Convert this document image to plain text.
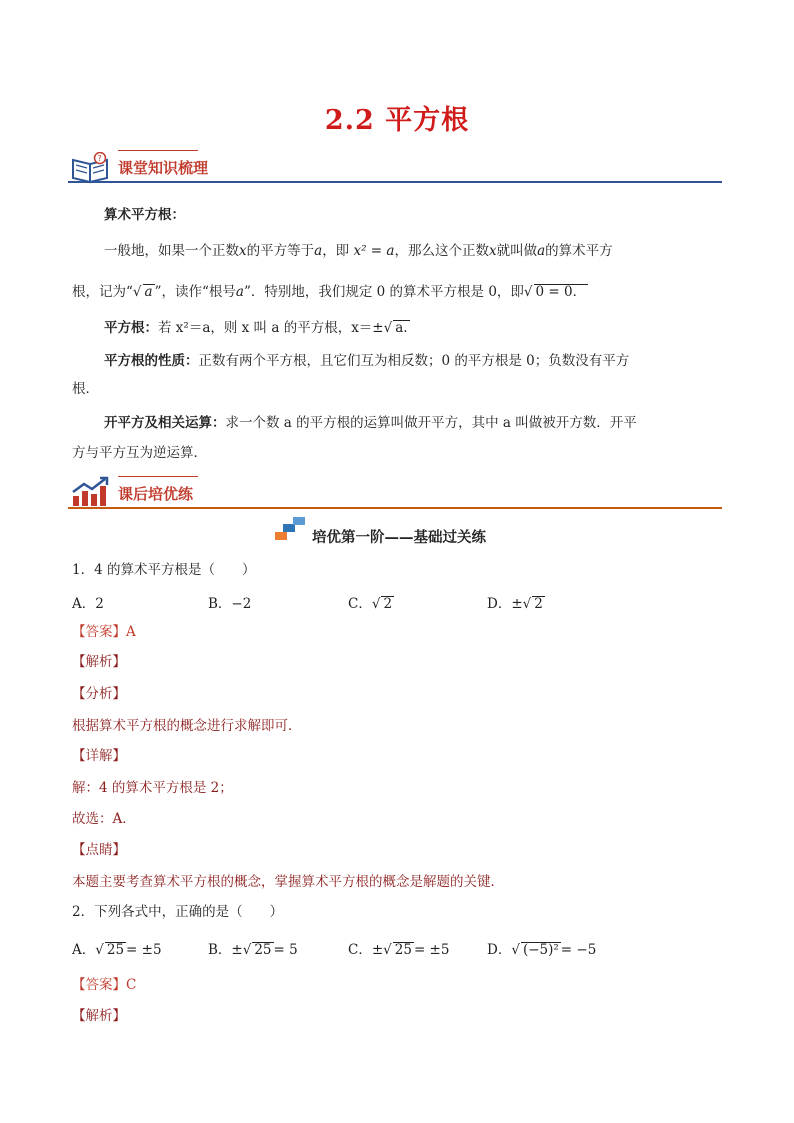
2.2 平方根
?
课堂知识梳理
算术平方根：
一般地，如果一个正数x的平方等于a，即 x² = a，那么这个正数x就叫做a的算术平方
根，记为“√ a ”，读作“根号a”．特别地，我们规定 0 的算术平方根是 0，即√ 0 = 0．
平方根：若 x²＝a，则 x 叫 a 的平方根，x＝±√ a.
平方根的性质：正数有两个平方根，且它们互为相反数；0 的平方根是 0；负数没有平方
根．
开平方及相关运算：求一个数 a 的平方根的运算叫做开平方，其中 a 叫做被开方数．开平
方与平方互为逆运算．
课后培优练
培优第一阶——基础过关练
1．4 的算术平方根是（　　）
A．2	B．−2	C．√ 2	D．±√ 2
【答案】A
【解析】
【分析】
根据算术平方根的概念进行求解即可．
【详解】
解：4 的算术平方根是 2；
故选：A．
【点睛】
本题主要考查算术平方根的概念，掌握算术平方根的概念是解题的关键．
2．下列各式中，正确的是（　　）
A．√ 25 = ±5	B．±√ 25 = 5	C．±√ 25 = ±5	D．√ (−5)² = −5
【答案】C
【解析】
